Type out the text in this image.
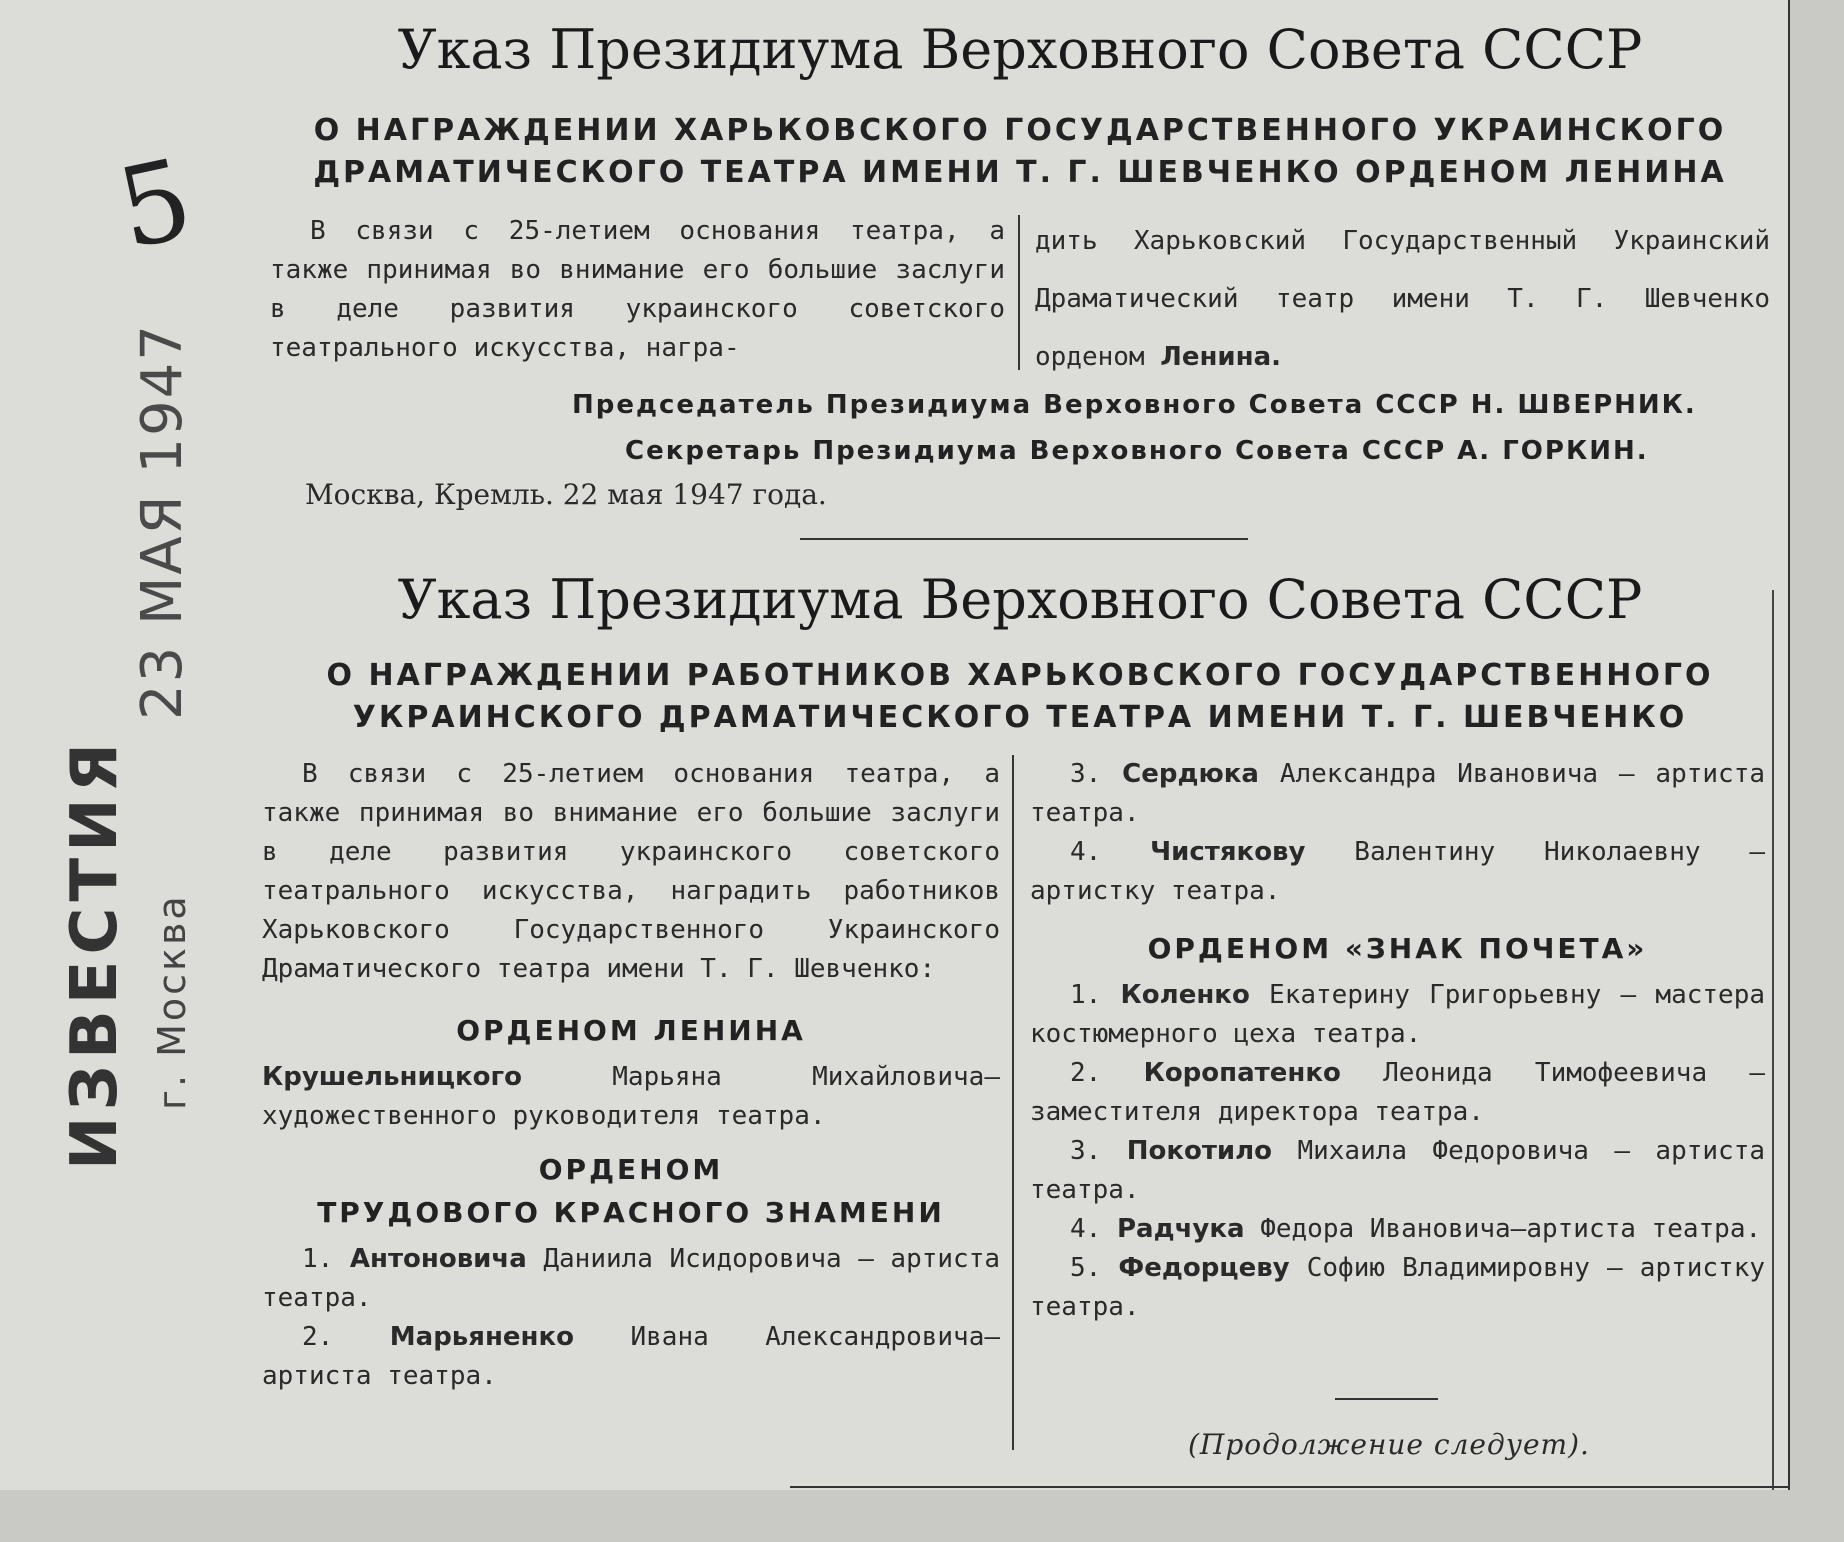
5
23 МАЯ 1947
ИЗВЕСТИЯ г. Москва
Указ Президиума Верховного Совета СССР
О НАГРАЖДЕНИИ ХАРЬКОВСКОГО ГОСУДАРСТВЕННОГО УКРАИНСКОГО
ДРАМАТИЧЕСКОГО ТЕАТРА ИМЕНИ Т. Г. ШЕВЧЕНКО ОРДЕНОМ ЛЕНИНА

В связи с 25-летием основания театра, а также принимая во внимание его большие заслуги в деле развития украинского советского театрального искусства, награ-

дить Харьковский Государственный Украинский Драматический театр имени Т. Г. Шевченко орденом Ленина.

Председатель Президиума Верховного Совета СССР Н. ШВЕРНИК.
Секретарь Президиума Верховного Совета СССР А. ГОРКИН.
Москва, Кремль. 22 мая 1947 года.
Указ Президиума Верховного Совета СССР
О НАГРАЖДЕНИИ РАБОТНИКОВ ХАРЬКОВСКОГО ГОСУДАРСТВЕННОГО
УКРАИНСКОГО ДРАМАТИЧЕСКОГО ТЕАТРА ИМЕНИ Т. Г. ШЕВЧЕНКО

В связи с 25-летием основания театра, а также принимая во внимание его большие заслуги в деле развития украинского советского театрального искусства, наградить работников Харьковского Государственного Украинского Драматического театра имени Т. Г. Шевченко:

ОРДЕНОМ ЛЕНИНА

Крушельницкого	Марьяна Михайловича— художественного руководителя театра.

ОРДЕНОМ
ТРУДОВОГО КРАСНОГО ЗНАМЕНИ

1. Антоновича Даниила Исидоровича — артиста театра.

2. Марьяненко Ивана Александровича— артиста театра.

3. Сердюка Александра Ивановича — артиста театра.

4. Чистякову Валентину Николаевну — артистку театра.

ОРДЕНОМ «ЗНАК ПОЧЕТА»

1. Коленко Екатерину Григорьевну — мастера костюмерного цеха театра.

2. Коропатенко Леонида Тимофеевича — заместителя директора театра.

3. Покотило Михаила Федоровича — артиста театра.

4. Радчука Федора Ивановича—артиста театра.

5. Федорцеву Софию Владимировну — артистку театра.

(Продолжение следует).
